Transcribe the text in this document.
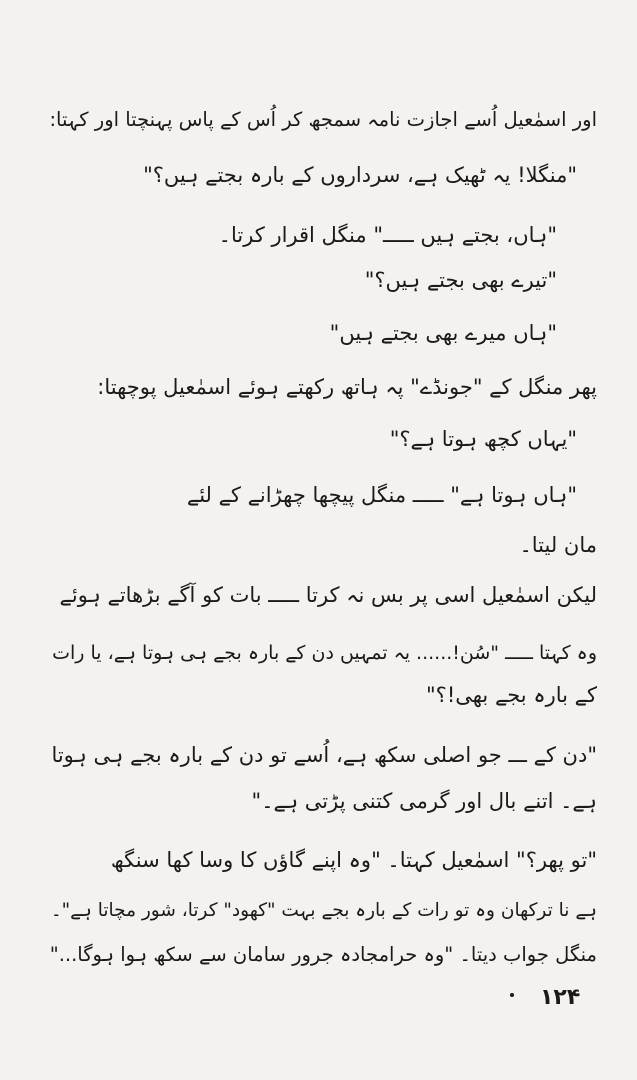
اور اسمٰعیل اُسے اجازت نامہ سمجھ کر اُس کے پاس پہنچتا اور کہتا:
"منگلا! یہ ٹھیک ہے، سرداروں کے بارہ بجتے ہیں؟"
"ہاں، بجتے ہیں ـــــ" منگل اقرار کرتا۔
"تیرے بھی بجتے ہیں؟"
"ہاں میرے بھی بجتے ہیں"
پھر منگل کے "جونڈے" پہ ہاتھ رکھتے ہوئے اسمٰعیل پوچھتا:
"یہاں کچھ ہوتا ہے؟"
"ہاں ہوتا ہے" ـــــ منگل پیچھا چھڑانے کے لئے
مان لیتا۔
لیکن اسمٰعیل اسی پر بس نہ کرتا ـــــ بات کو آگے بڑھاتے ہوئے
وہ کہتا ـــــ "سُن!...... یہ تمہیں دن کے بارہ بجے ہی ہوتا ہے، یا رات
کے بارہ بجے بھی!؟"
"دن کے ـــ جو اصلی سکھ ہے، اُسے تو دن کے بارہ بجے ہی ہوتا
ہے۔ اتنے بال اور گرمی کتنی پڑتی ہے۔"
"تو پھر؟" اسمٰعیل کہتا۔ "وہ اپنے گاؤں کا وسا کھا سنگھ
ہے نا ترکھان وہ تو رات کے بارہ بجے بہت "کھود" کرتا، شور مچاتا ہے"۔
منگل جواب دیتا۔ "وہ حرامجادہ جرور سامان سے سکھ ہوا ہوگا..."
۱۲۴
